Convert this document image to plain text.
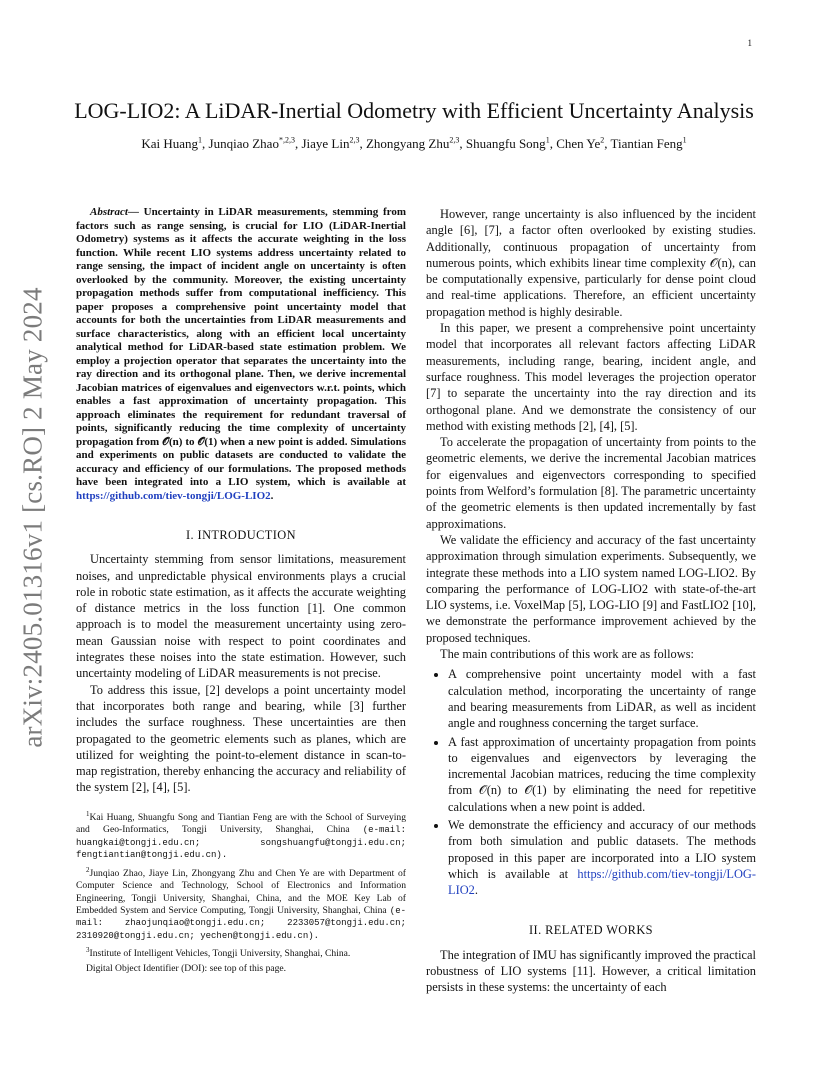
1
arXiv:2405.01316v1 [cs.RO] 2 May 2024
LOG-LIO2: A LiDAR-Inertial Odometry with Efficient Uncertainty Analysis
Kai Huang$^1$, Junqiao Zhao$^{*,2,3}$, Jiaye Lin$^{2,3}$, Zhongyang Zhu$^{2,3}$, Shuangfu Song$^1$, Chen Ye$^2$, Tiantian Feng$^1$

Abstract— Uncertainty in LiDAR measurements, stemming from factors such as range sensing, is crucial for LIO (LiDAR-Inertial Odometry) systems as it affects the accurate weighting in the loss function. While recent LIO systems address uncertainty related to range sensing, the impact of incident angle on uncertainty is often overlooked by the community. Moreover, the existing uncertainty propagation methods suffer from computational inefficiency. This paper proposes a comprehensive point uncertainty model that accounts for both the uncertainties from LiDAR measurements and surface characteristics, along with an efficient local uncertainty analytical method for LiDAR-based state estimation problem. We employ a projection operator that separates the uncertainty into the ray direction and its orthogonal plane. Then, we derive incremental Jacobian matrices of eigenvalues and eigenvectors w.r.t. points, which enables a fast approximation of uncertainty propagation. This approach eliminates the requirement for redundant traversal of points, significantly reducing the time complexity of uncertainty propagation from 𝒪(n) to 𝒪(1) when a new point is added. Simulations and experiments on public datasets are conducted to validate the accuracy and efficiency of our formulations. The proposed methods have been integrated into a LIO system, which is available at https://github.com/tiev-tongji/LOG-LIO2.

I. INTRODUCTION

Uncertainty stemming from sensor limitations, measurement noises, and unpredictable physical environments plays a crucial role in robotic state estimation, as it affects the accurate weighting of distance metrics in the loss function [1]. One common approach is to model the measurement uncertainty using zero-mean Gaussian noise with respect to point coordinates and integrates these noises into the state estimation. However, such uncertainty modeling of LiDAR measurements is not precise.

To address this issue, [2] develops a point uncertainty model that incorporates both range and bearing, while [3] further includes the surface roughness. These uncertainties are then propagated to the geometric elements such as planes, which are utilized for weighting the point-to-element distance in scan-to-map registration, thereby enhancing the accuracy and reliability of the system [2], [4], [5].

$^1$Kai Huang, Shuangfu Song and Tiantian Feng are with the School of Surveying and Geo-Informatics, Tongji University, Shanghai, China (e-mail: huangkai@tongji.edu.cn; songshuangfu@tongji.edu.cn; fengtiantian@tongji.edu.cn).

$^2$Junqiao Zhao, Jiaye Lin, Zhongyang Zhu and Chen Ye are with Department of Computer Science and Technology, School of Electronics and Information Engineering, Tongji University, Shanghai, China, and the MOE Key Lab of Embedded System and Service Computing, Tongji University, Shanghai, China (e-mail: zhaojunqiao@tongji.edu.cn; 2233057@tongji.edu.cn; 2310920@tongji.edu.cn; yechen@tongji.edu.cn).

$^3$Institute of Intelligent Vehicles, Tongji University, Shanghai, China.

Digital Object Identifier (DOI): see top of this page.

However, range uncertainty is also influenced by the incident angle [6], [7], a factor often overlooked by existing studies. Additionally, continuous propagation of uncertainty from numerous points, which exhibits linear time complexity 𝒪(n), can be computationally expensive, particularly for dense point cloud and real-time applications. Therefore, an efficient uncertainty propagation method is highly desirable.

In this paper, we present a comprehensive point uncertainty model that incorporates all relevant factors affecting LiDAR measurements, including range, bearing, incident angle, and surface roughness. This model leverages the projection operator [7] to separate the uncertainty into the ray direction and its orthogonal plane. And we demonstrate the consistency of our method with existing methods [2], [4], [5].

To accelerate the propagation of uncertainty from points to the geometric elements, we derive the incremental Jacobian matrices for eigenvalues and eigenvectors corresponding to specified points from Welford’s formulation [8]. The parametric uncertainty of the geometric elements is then updated incrementally by fast approximations.

We validate the efficiency and accuracy of the fast uncertainty approximation through simulation experiments. Subsequently, we integrate these methods into a LIO system named LOG-LIO2. By comparing the performance of LOG-LIO2 with state-of-the-art LIO systems, i.e. VoxelMap [5], LOG-LIO [9] and FastLIO2 [10], we demonstrate the performance improvement achieved by the proposed techniques.

The main contributions of this work are as follows:

• A comprehensive point uncertainty model with a fast calculation method, incorporating the uncertainty of range and bearing measurements from LiDAR, as well as incident angle and roughness concerning the target surface.
• A fast approximation of uncertainty propagation from points to eigenvalues and eigenvectors by leveraging the incremental Jacobian matrices, reducing the time complexity from 𝒪(n) to 𝒪(1) by eliminating the need for repetitive calculations when a new point is added.
• We demonstrate the efficiency and accuracy of our methods from both simulation and public datasets. The methods proposed in this paper are incorporated into a LIO system which is available at https://github.com/tiev-tongji/LOG-LIO2.
II. RELATED WORKS

The integration of IMU has significantly improved the practical robustness of LIO systems [11]. However, a critical limitation persists in these systems: the uncertainty of each
